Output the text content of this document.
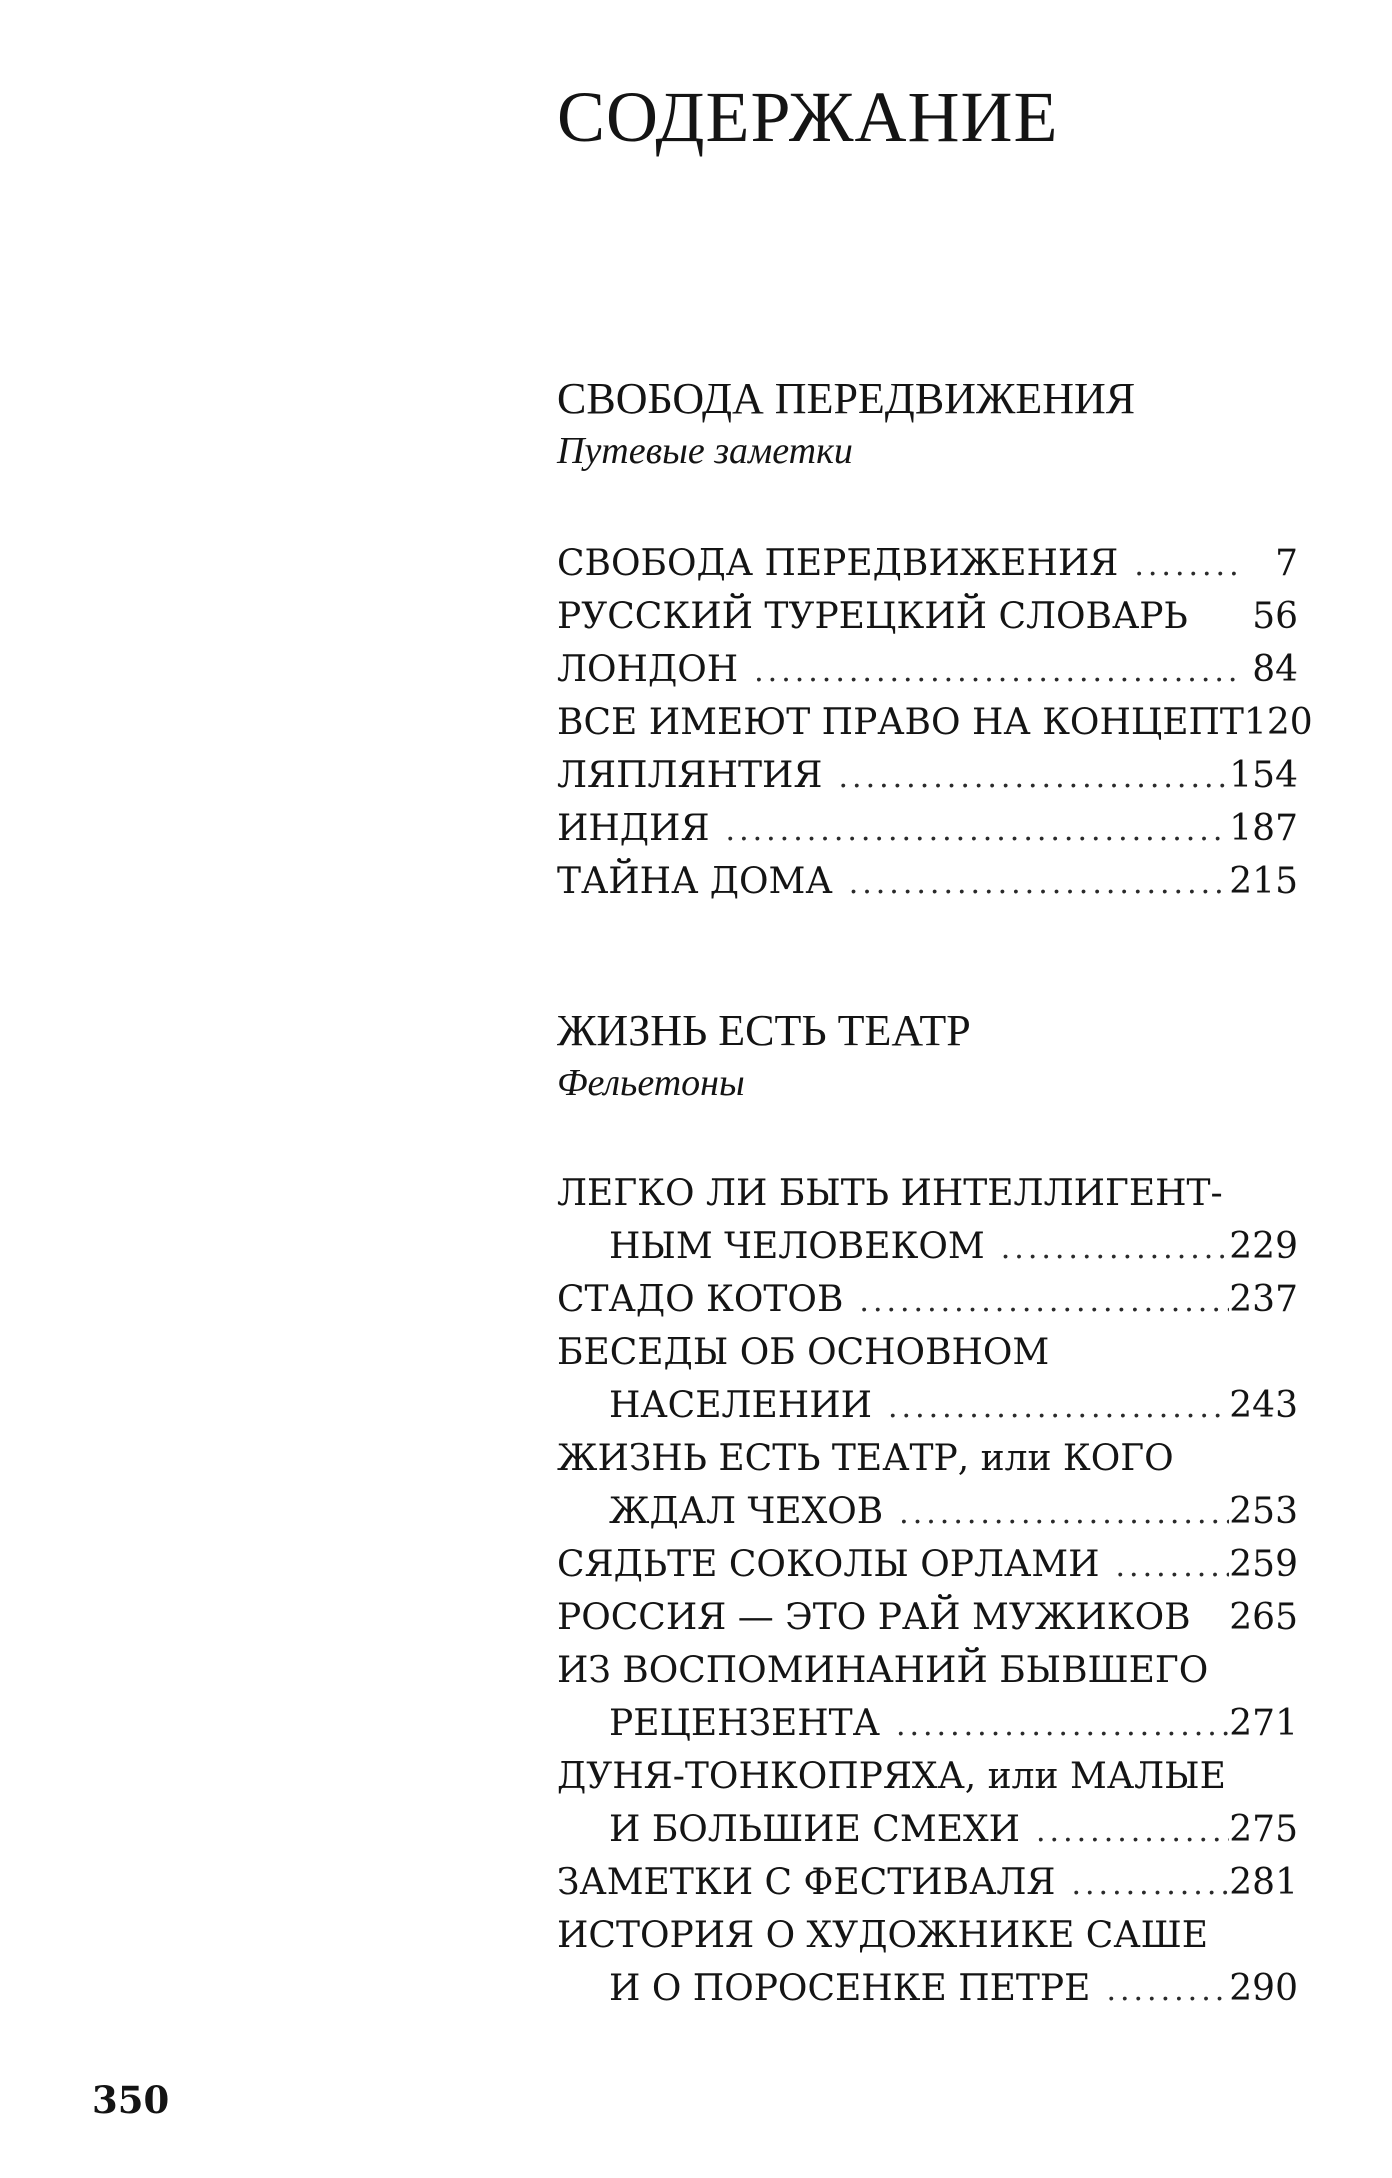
СОДЕРЖАНИЕ
СВОБОДА ПЕРЕДВИЖЕНИЯ
Путевые заметки
СВОБОДА ПЕРЕДВИЖЕНИЯ .....	7
РУССКИЙ ТУРЕЦКИЙ СЛОВАРЬ	56
ЛОНДОН .....	84
ВСЕ ИМЕЮТ ПРАВО НА КОНЦЕПТ 120
ЛЯПЛЯНТИЯ .....	154
ИНДИЯ .....	187
ТАЙНА ДОМА .....	215
ЖИЗНЬ ЕСТЬ ТЕАТР
Фельетоны
ЛЕГКО ЛИ БЫТЬ ИНТЕЛЛИГЕНТ-
НЫМ ЧЕЛОВЕКОМ .....	229
СТАДО КОТОВ .....	237
БЕСЕДЫ ОБ ОСНОВНОМ
НАСЕЛЕНИИ .....	243
ЖИЗНЬ ЕСТЬ ТЕАТР, или КОГО
ЖДАЛ ЧЕХОВ .....	253
СЯДЬТЕ СОКОЛЫ ОРЛАМИ .....	259
РОССИЯ — ЭТО РАЙ МУЖИКОВ 265
ИЗ ВОСПОМИНАНИЙ БЫВШЕГО
РЕЦЕНЗЕНТА .....	271
ДУНЯ-ТОНКОПРЯХА, или МАЛЫЕ
И БОЛЬШИЕ СМЕХИ .....	275
ЗАМЕТКИ С ФЕСТИВАЛЯ .....	281
ИСТОРИЯ О ХУДОЖНИКЕ САШЕ
И О ПОРОСЕНКЕ ПЕТРЕ .....	290
350
